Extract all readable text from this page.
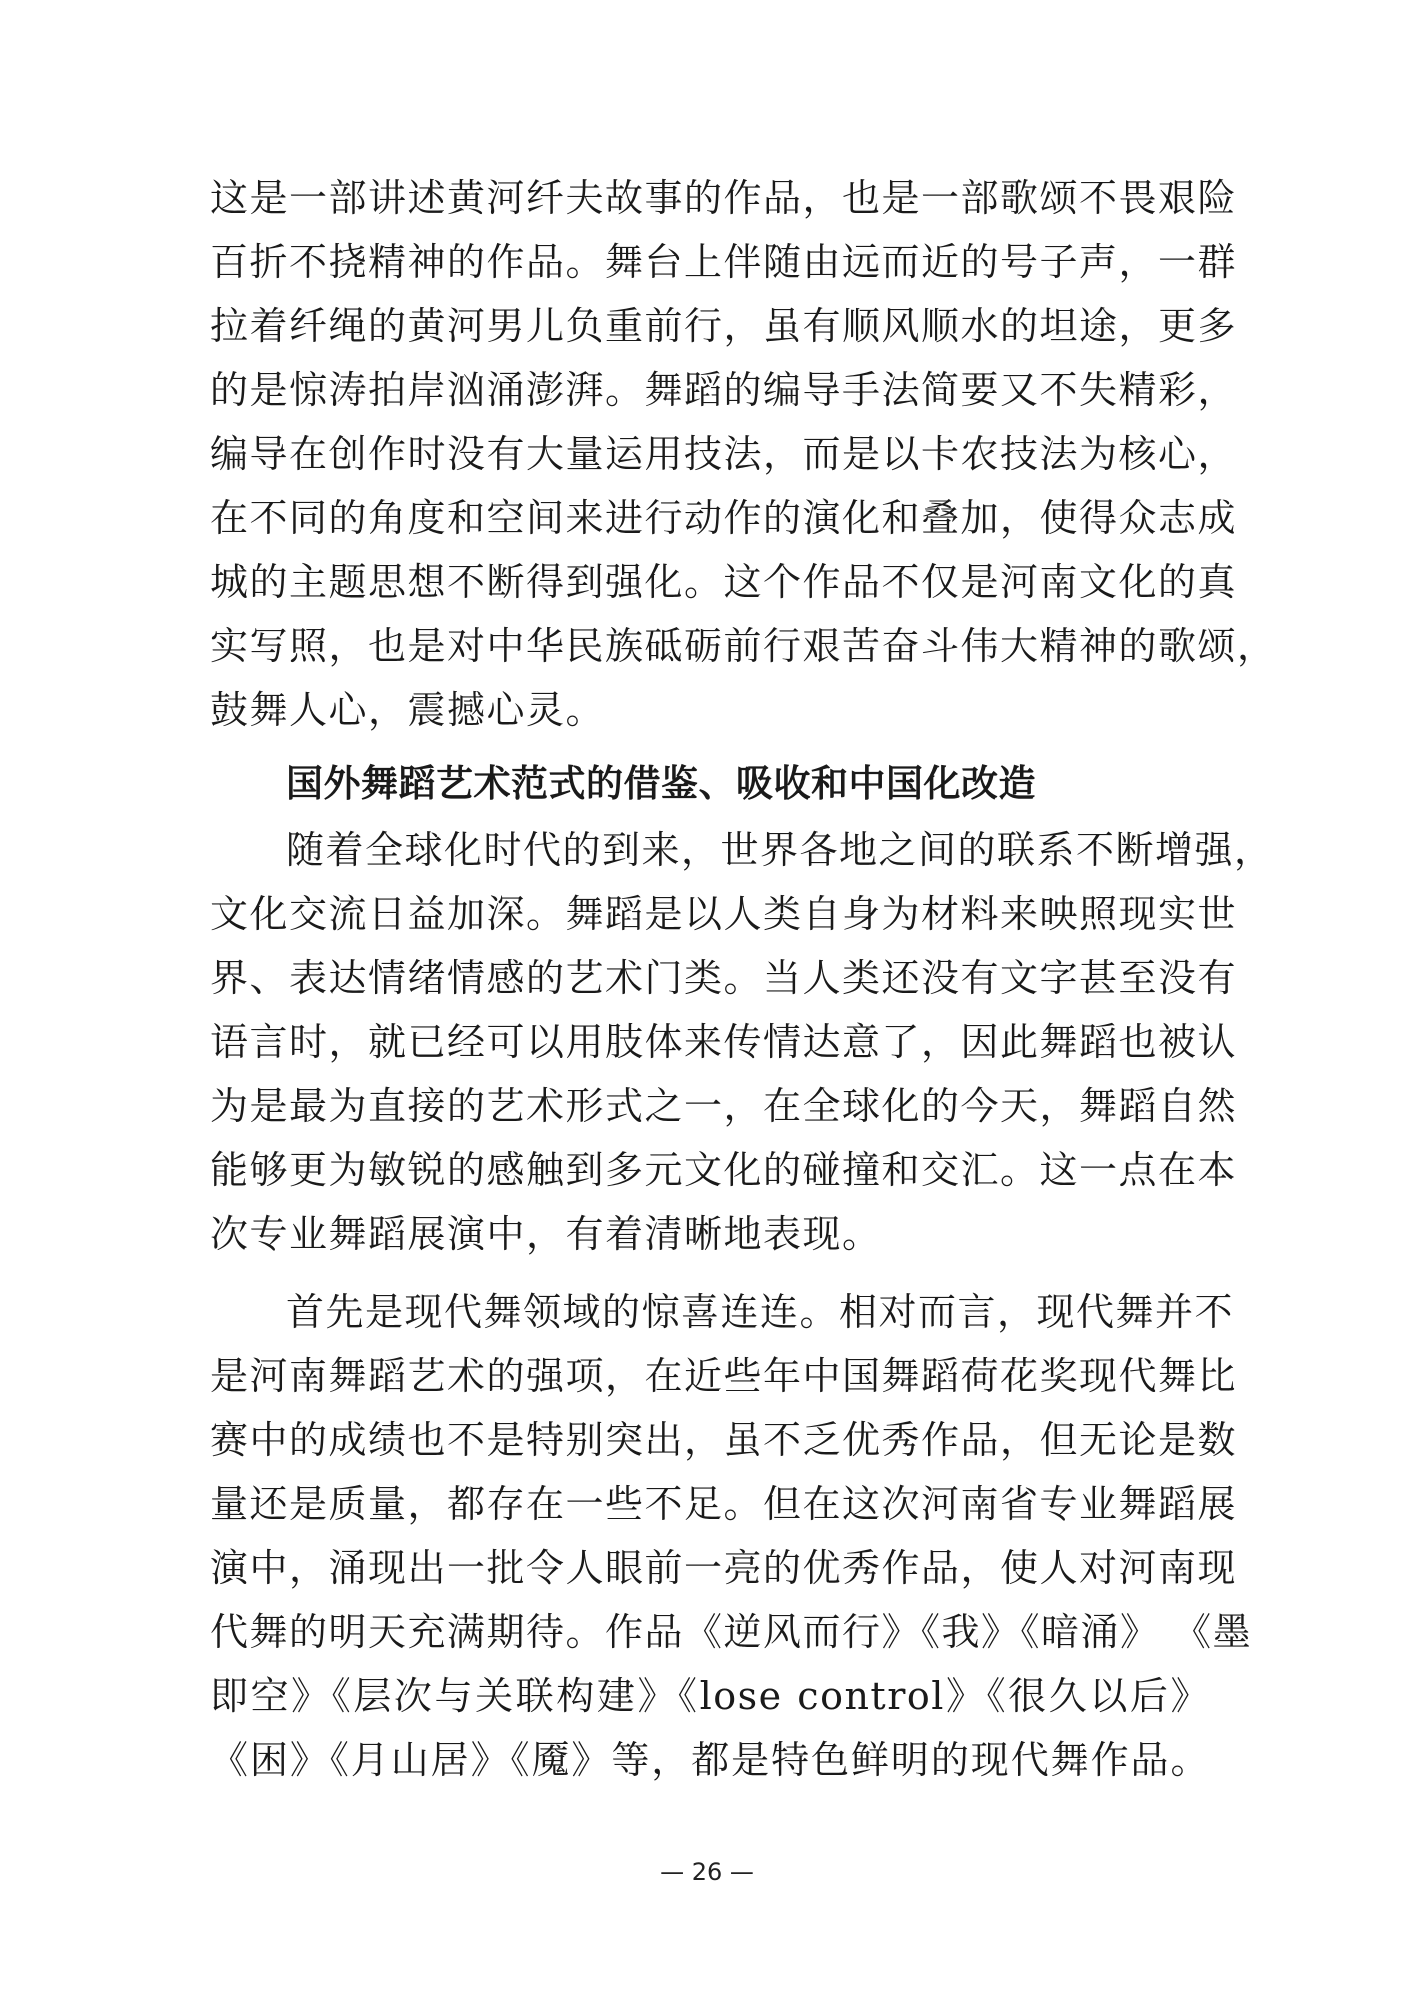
这是一部讲述黄河纤夫故事的作品，也是一部歌颂不畏艰险
百折不挠精神的作品。舞台上伴随由远而近的号子声，一群
拉着纤绳的黄河男儿负重前行，虽有顺风顺水的坦途，更多
的是惊涛拍岸汹涌澎湃。舞蹈的编导手法简要又不失精彩，
编导在创作时没有大量运用技法，而是以卡农技法为核心，
在不同的角度和空间来进行动作的演化和叠加，使得众志成
城的主题思想不断得到强化。这个作品不仅是河南文化的真
实写照，也是对中华民族砥砺前行艰苦奋斗伟大精神的歌颂，
鼓舞人心，震撼心灵。
国外舞蹈艺术范式的借鉴、吸收和中国化改造
随着全球化时代的到来，世界各地之间的联系不断增强，
文化交流日益加深。舞蹈是以人类自身为材料来映照现实世
界、表达情绪情感的艺术门类。当人类还没有文字甚至没有
语言时，就已经可以用肢体来传情达意了，因此舞蹈也被认
为是最为直接的艺术形式之一，在全球化的今天，舞蹈自然
能够更为敏锐的感触到多元文化的碰撞和交汇。这一点在本
次专业舞蹈展演中，有着清晰地表现。
首先是现代舞领域的惊喜连连。相对而言，现代舞并不
是河南舞蹈艺术的强项，在近些年中国舞蹈荷花奖现代舞比
赛中的成绩也不是特别突出，虽不乏优秀作品，但无论是数
量还是质量，都存在一些不足。但在这次河南省专业舞蹈展
演中，涌现出一批令人眼前一亮的优秀作品，使人对河南现
代舞的明天充满期待。作品《逆风而行》《我》《暗涌》 《墨
即空》《层次与关联构建》《lose control》《很久以后》
《困》《月山居》《魇》等，都是特色鲜明的现代舞作品。
— 26 —
